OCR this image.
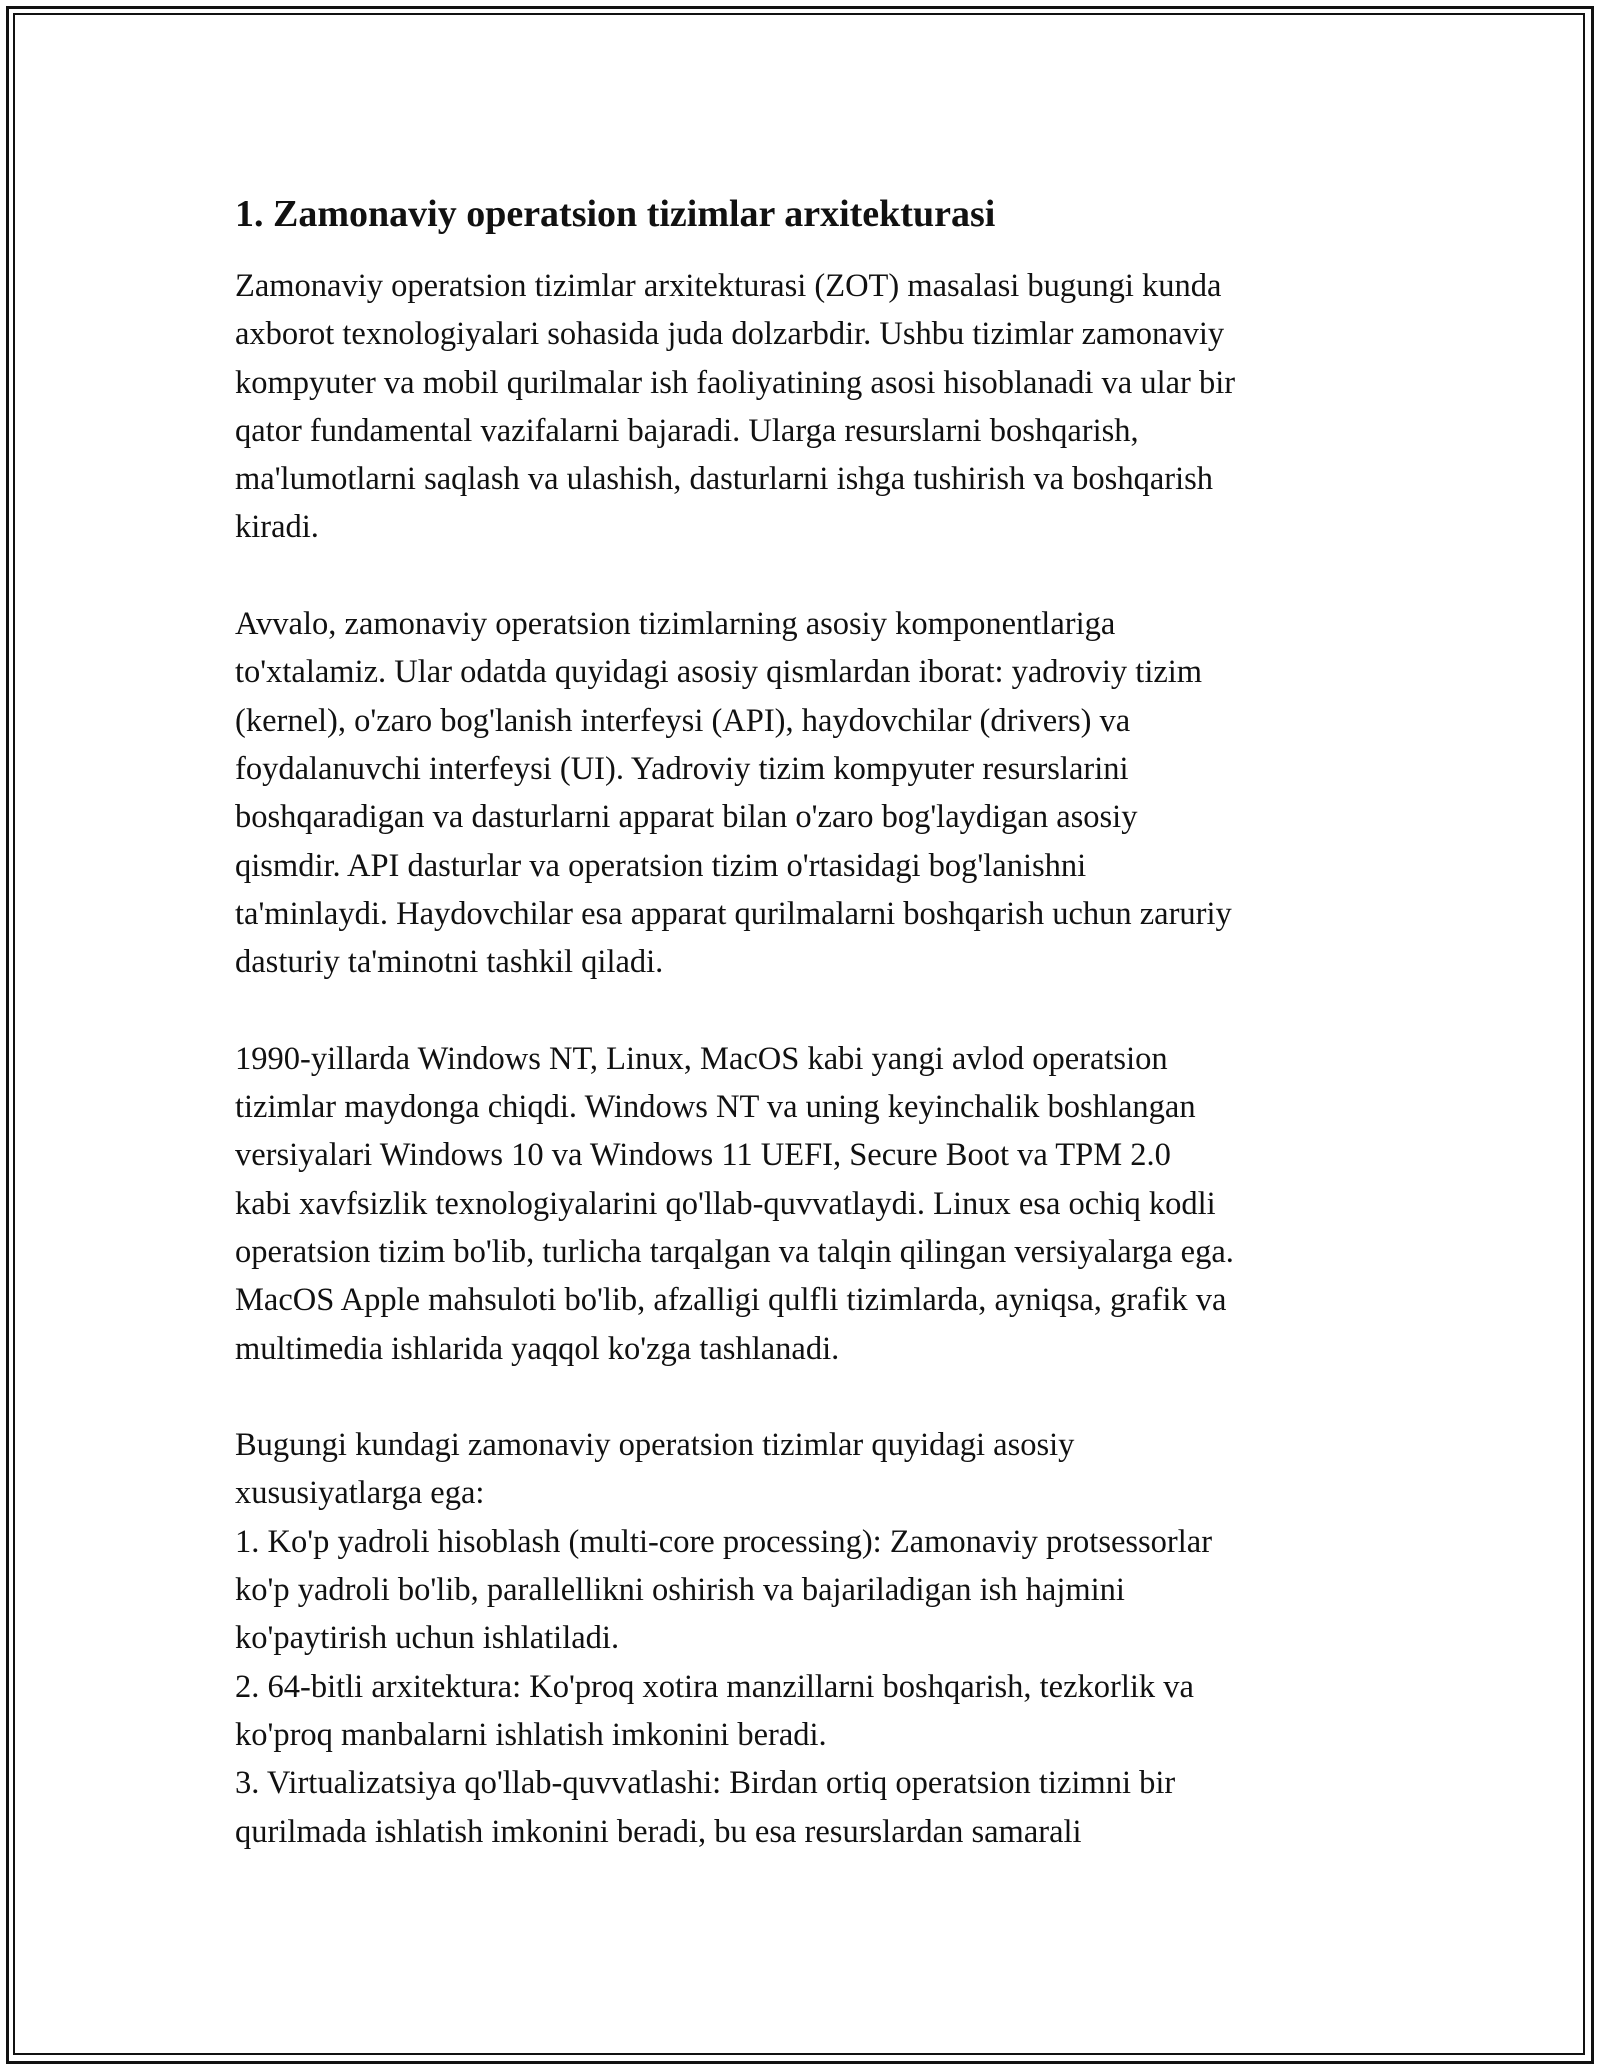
1. Zamonaviy operatsion tizimlar arxitekturasi
Zamonaviy operatsion tizimlar arxitekturasi (ZOT) masalasi bugungi kunda
axborot texnologiyalari sohasida juda dolzarbdir. Ushbu tizimlar zamonaviy
kompyuter va mobil qurilmalar ish faoliyatining asosi hisoblanadi va ular bir
qator fundamental vazifalarni bajaradi. Ularga resurslarni boshqarish,
ma'lumotlarni saqlash va ulashish, dasturlarni ishga tushirish va boshqarish
kiradi.
Avvalo, zamonaviy operatsion tizimlarning asosiy komponentlariga
to'xtalamiz. Ular odatda quyidagi asosiy qismlardan iborat: yadroviy tizim
(kernel), o'zaro bog'lanish interfeysi (API), haydovchilar (drivers) va
foydalanuvchi interfeysi (UI). Yadroviy tizim kompyuter resurslarini
boshqaradigan va dasturlarni apparat bilan o'zaro bog'laydigan asosiy
qismdir. API dasturlar va operatsion tizim o'rtasidagi bog'lanishni
ta'minlaydi. Haydovchilar esa apparat qurilmalarni boshqarish uchun zaruriy
dasturiy ta'minotni tashkil qiladi.
1990-yillarda Windows NT, Linux, MacOS kabi yangi avlod operatsion
tizimlar maydonga chiqdi. Windows NT va uning keyinchalik boshlangan
versiyalari Windows 10 va Windows 11 UEFI, Secure Boot va TPM 2.0
kabi xavfsizlik texnologiyalarini qo'llab-quvvatlaydi. Linux esa ochiq kodli
operatsion tizim bo'lib, turlicha tarqalgan va talqin qilingan versiyalarga ega.
MacOS Apple mahsuloti bo'lib, afzalligi qulfli tizimlarda, ayniqsa, grafik va
multimedia ishlarida yaqqol ko'zga tashlanadi.
Bugungi kundagi zamonaviy operatsion tizimlar quyidagi asosiy
xususiyatlarga ega:
1. Ko'p yadroli hisoblash (multi-core processing): Zamonaviy protsessorlar
ko'p yadroli bo'lib, parallellikni oshirish va bajariladigan ish hajmini
ko'paytirish uchun ishlatiladi.
2. 64-bitli arxitektura: Ko'proq xotira manzillarni boshqarish, tezkorlik va
ko'proq manbalarni ishlatish imkonini beradi.
3. Virtualizatsiya qo'llab-quvvatlashi: Birdan ortiq operatsion tizimni bir
qurilmada ishlatish imkonini beradi, bu esa resurslardan samarali
